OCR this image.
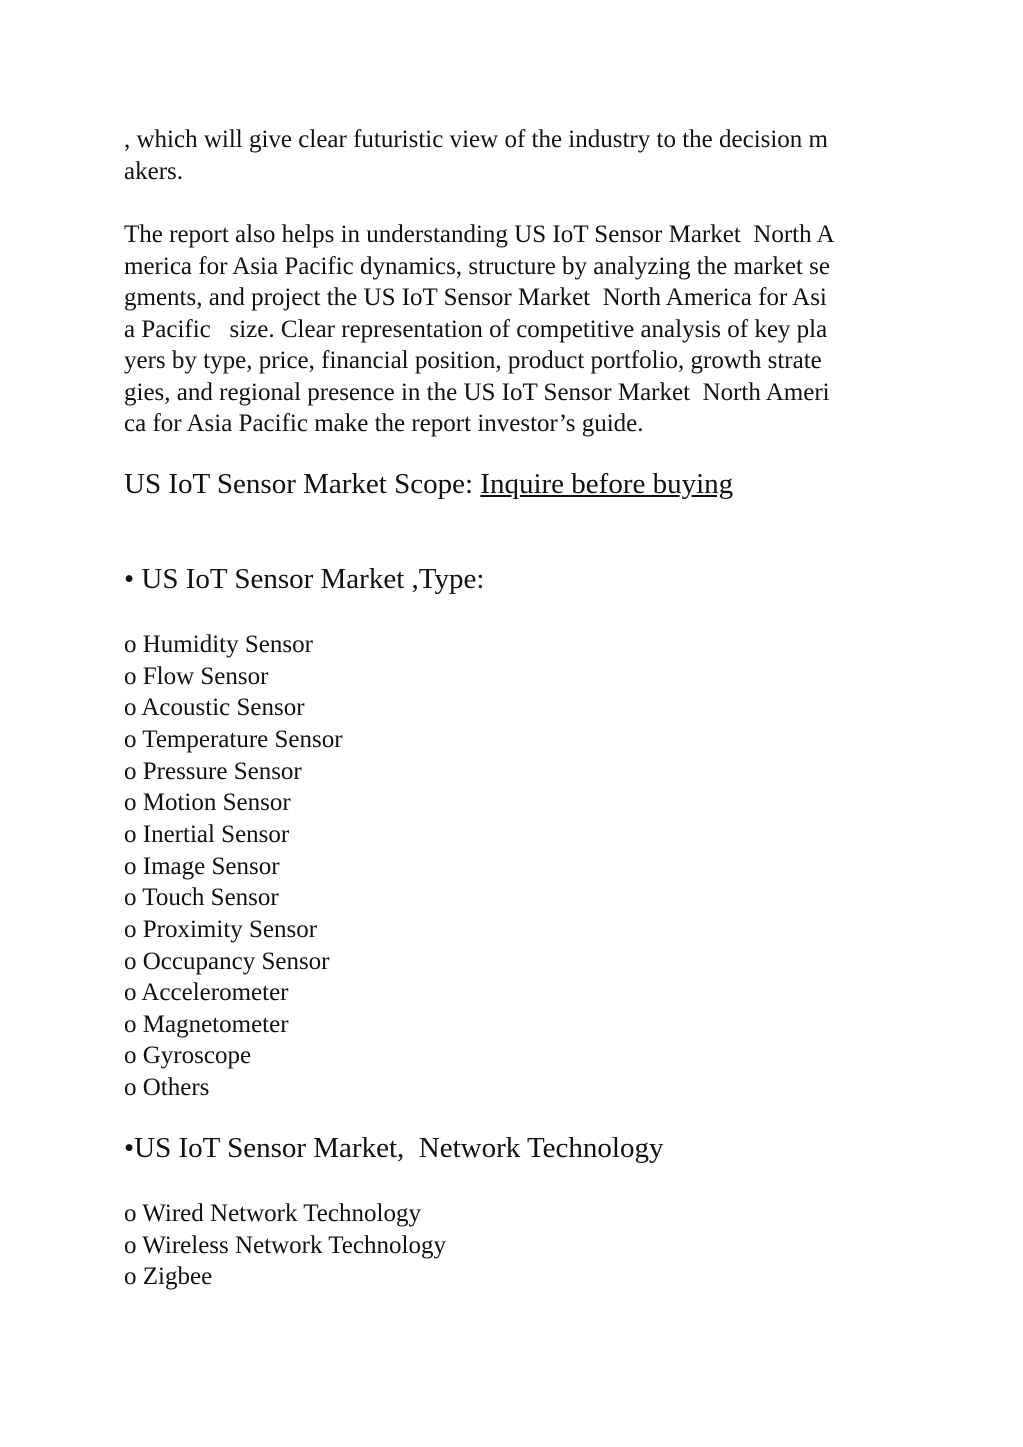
, which will give clear futuristic view of the industry to the decision m
akers.
The report also helps in understanding US IoT Sensor Market  North A
merica for Asia Pacific dynamics, structure by analyzing the market se
gments, and project the US IoT Sensor Market  North America for Asi
a Pacific   size. Clear representation of competitive analysis of key pla
yers by type, price, financial position, product portfolio, growth strate
gies, and regional presence in the US IoT Sensor Market  North Ameri
ca for Asia Pacific make the report investor’s guide.
US IoT Sensor Market Scope: Inquire before buying
• US IoT Sensor Market ,Type:
o Humidity Sensor
o Flow Sensor
o Acoustic Sensor
o Temperature Sensor
o Pressure Sensor
o Motion Sensor
o Inertial Sensor
o Image Sensor
o Touch Sensor
o Proximity Sensor
o Occupancy Sensor
o Accelerometer
o Magnetometer
o Gyroscope
o Others
•US IoT Sensor Market,  Network Technology
o Wired Network Technology
o Wireless Network Technology
o Zigbee
